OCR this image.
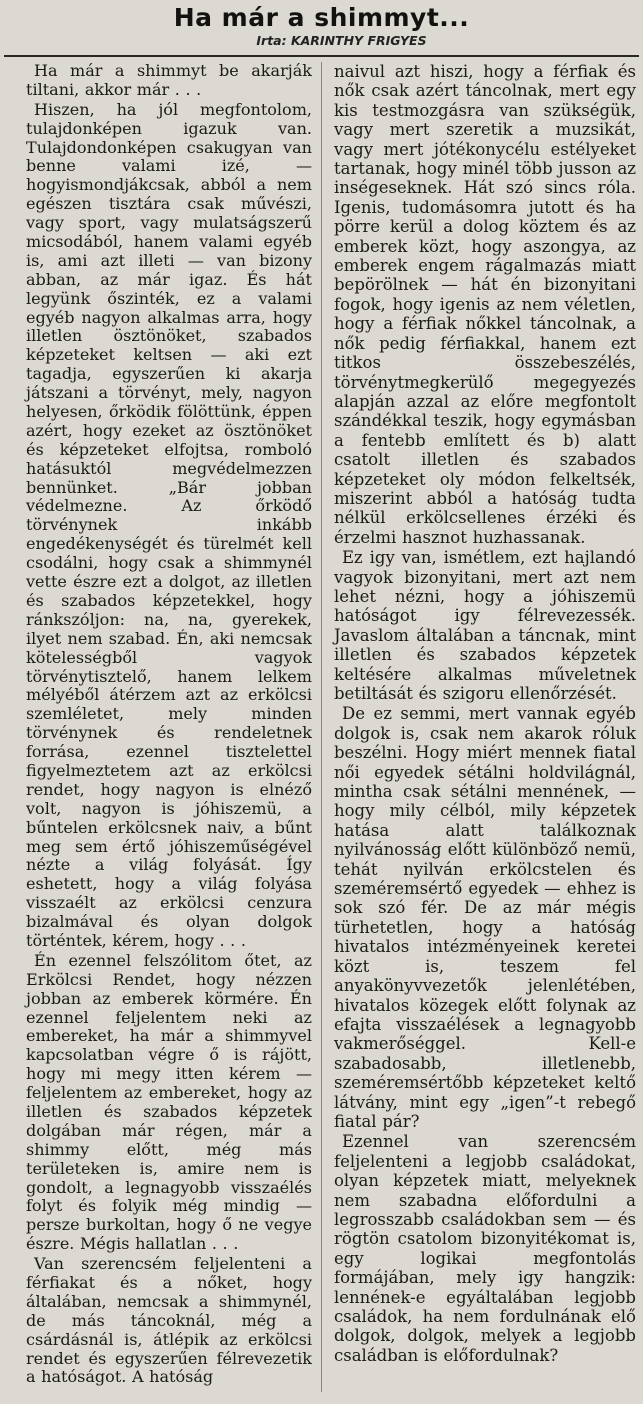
Ha már a shimmyt...
Irta: KARINTHY FRIGYES

Ha már a shimmyt be akarják tiltani, akkor már . . .

Hiszen, ha jól megfontolom, tulajdonképen igazuk van. Tulajdondonképen csakugyan van benne valami izé, — hogyismondjákcsak, abból a nem egészen tisztára csak művészi, vagy sport, vagy mulatságszerű micsodából, hanem valami egyéb is, ami azt illeti — van bizony abban, az már igaz. És hát legyünk őszinték, ez a valami egyéb nagyon alkalmas arra, hogy illetlen ösztönöket, szabados képzeteket keltsen — aki ezt tagadja, egyszerűen ki akarja játszani a törvényt, mely, nagyon helyesen, őrködik fölöttünk, éppen azért, hogy ezeket az ösztönöket és képzeteket elfojtsa, romboló hatásuktól megvédelmezzen bennünket. „Bár jobban védelmezne. Az őrködő törvénynek inkább engedékenységét és türelmét kell csodálni, hogy csak a shimmynél vette észre ezt a dolgot, az illetlen és szabados képzetekkel, hogy ránkszóljon: na, na, gyerekek, ilyet nem szabad. Én, aki nemcsak kötelességből vagyok törvénytisztelő, hanem lelkem mélyéből átérzem azt az erkölcsi szemléletet, mely minden törvénynek és rendeletnek forrása, ezennel tisztelettel figyelmeztetem azt az erkölcsi rendet, hogy nagyon is elnéző volt, nagyon is jóhiszemü, a bűntelen erkölcsnek naiv, a bűnt meg sem értő jóhiszeműségével nézte a világ folyását. Így eshetett, hogy a világ folyása visszaélt az erkölcsi cenzura bizalmával és olyan dolgok történtek, kérem, hogy . . .

Én ezennel felszólitom őtet, az Erkölcsi Rendet, hogy nézzen jobban az emberek körmére. Én ezennel feljelentem neki az embereket, ha már a shimmyvel kapcsolatban végre ő is rájött, hogy mi megy itten kérem — feljelentem az embereket, hogy az illetlen és szabados képzetek dolgában már régen, már a shimmy előtt, még más területeken is, amire nem is gondolt, a legnagyobb visszaélés folyt és folyik még mindig — persze burkoltan, hogy ő ne vegye észre. Mégis hallatlan . . .

Van szerencsém feljelenteni a férfiakat és a nőket, hogy általában, nemcsak a shimmynél, de más táncoknál, még a csárdásnál is, átlépik az erkölcsi rendet és egyszerűen félrevezetik a hatóságot. A hatóság

naivul azt hiszi, hogy a férfiak és nők csak azért táncolnak, mert egy kis testmozgásra van szükségük, vagy mert szeretik a muzsikát, vagy mert jótékonycélu estélyeket tartanak, hogy minél több jusson az inségeseknek. Hát szó sincs róla. Igenis, tudomásomra jutott és ha pörre kerül a dolog köztem és az emberek közt, hogy aszongya, az emberek engem rágalmazás miatt bepörölnek — hát én bizonyitani fogok, hogy igenis az nem véletlen, hogy a férfiak nőkkel táncolnak, a nők pedig férfiakkal, hanem ezt titkos összebeszélés, törvénytmegkerülő megegyezés alapján azzal az előre megfontolt szándékkal teszik, hogy egymásban a fentebb említett és b) alatt csatolt illetlen és szabados képzeteket oly módon felkeltsék, miszerint abból a hatóság tudta nélkül erkölcsellenes érzéki és érzelmi hasznot huzhassanak.

Ez igy van, ismétlem, ezt hajlandó vagyok bizonyitani, mert azt nem lehet nézni, hogy a jóhiszemü hatóságot igy félrevezessék. Javaslom általában a táncnak, mint illetlen és szabados képzetek keltésére alkalmas műveletnek betiltását és szigoru ellenőrzését.

De ez semmi, mert vannak egyéb dolgok is, csak nem akarok róluk beszélni. Hogy miért mennek fiatal női egyedek sétálni holdvilágnál, mintha csak sétálni mennének, — hogy mily célból, mily képzetek hatása alatt találkoznak nyilvánosság előtt különböző nemü, tehát nyilván erkölcstelen és szeméremsértő egyedek — ehhez is sok szó fér. De az már mégis türhetetlen, hogy a hatóság hivatalos intézményeinek keretei közt is, teszem fel anyakönyvvezetők jelenlétében, hivatalos közegek előtt folynak az efajta visszaélések a legnagyobb vakmerőséggel. Kell-e szabadosabb, illetlenebb, szeméremsértőbb képzeteket keltő látvány, mint egy „igen”-t rebegő fiatal pár?

Ezennel van szerencsém feljelenteni a legjobb családokat, olyan képzetek miatt, melyeknek nem szabadna előfordulni a legrosszabb családokban sem — és rögtön csatolom bizonyitékomat is, egy logikai megfontolás formájában, mely igy hangzik: lennének-e egyáltalában legjobb családok, ha nem fordulnának elő dolgok, dolgok, melyek a legjobb családban is előfordulnak?
